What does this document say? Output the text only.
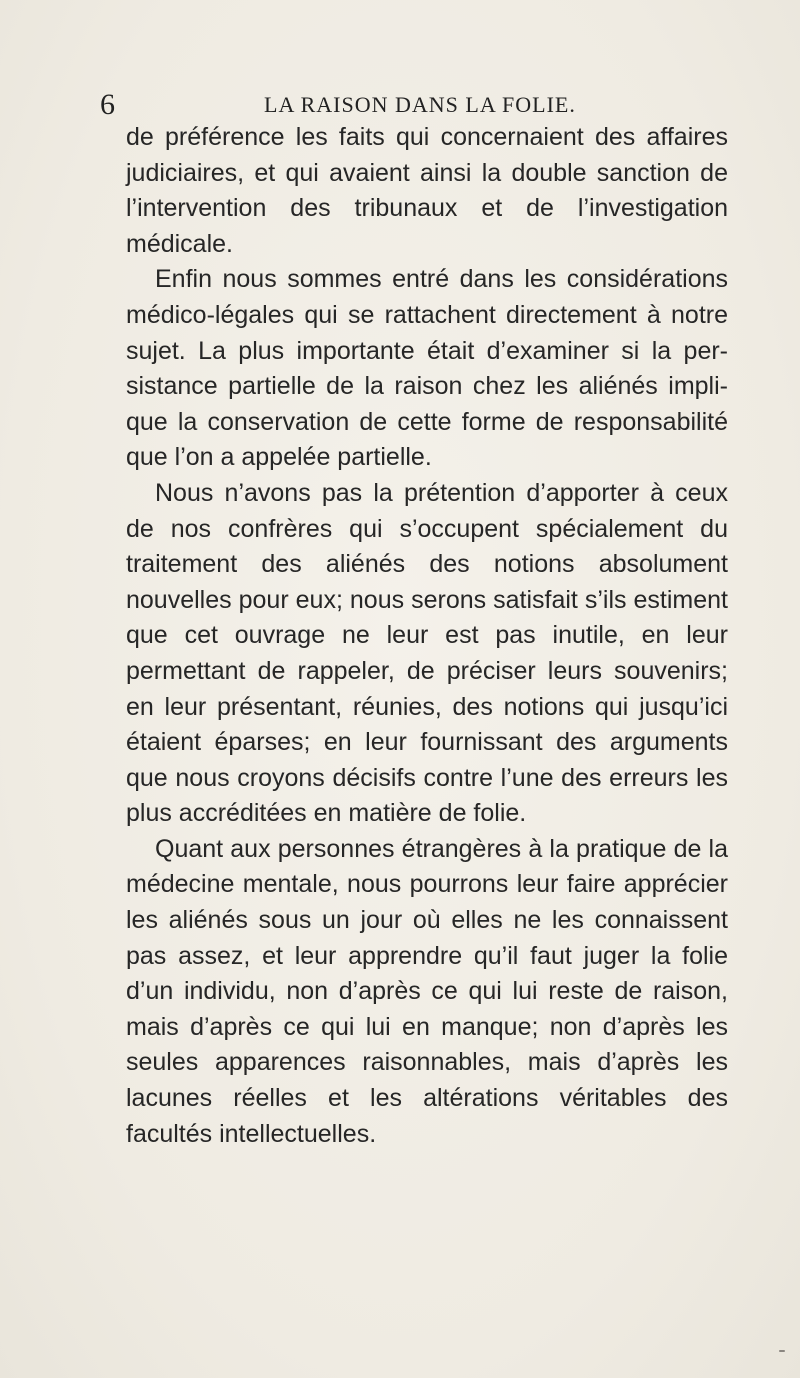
6	LA RAISON DANS LA FOLIE.

de préférence les faits qui concernaient des affaires judiciaires, et qui avaient ainsi la double sanction de l’intervention des tribunaux et de l’investigation médicale.

Enfin nous sommes entré dans les considérations médico-légales qui se rattachent directement à notre sujet. La plus importante était d’examiner si la persistance partielle de la raison chez les aliénés implique la conservation de cette forme de responsabilité que l’on a appelée partielle.

Nous n’avons pas la prétention d’apporter à ceux de nos confrères qui s’occupent spécialement du traitement des aliénés des notions absolument nouvelles pour eux; nous serons satisfait s’ils estiment que cet ouvrage ne leur est pas inutile, en leur permettant de rappeler, de préciser leurs souvenirs; en leur présentant, réunies, des notions qui jusqu’ici étaient éparses; en leur fournissant des arguments que nous croyons décisifs contre l’une des erreurs les plus accréditées en matière de folie.

Quant aux personnes étrangères à la pratique de la médecine mentale, nous pourrons leur faire apprécier les aliénés sous un jour où elles ne les connaissent pas assez, et leur apprendre qu’il faut juger la folie d’un individu, non d’après ce qui lui reste de raison, mais d’après ce qui lui en manque; non d’après les seules apparences raisonnables, mais d’après les lacunes réelles et les altérations véritables des facultés intellectuelles.
